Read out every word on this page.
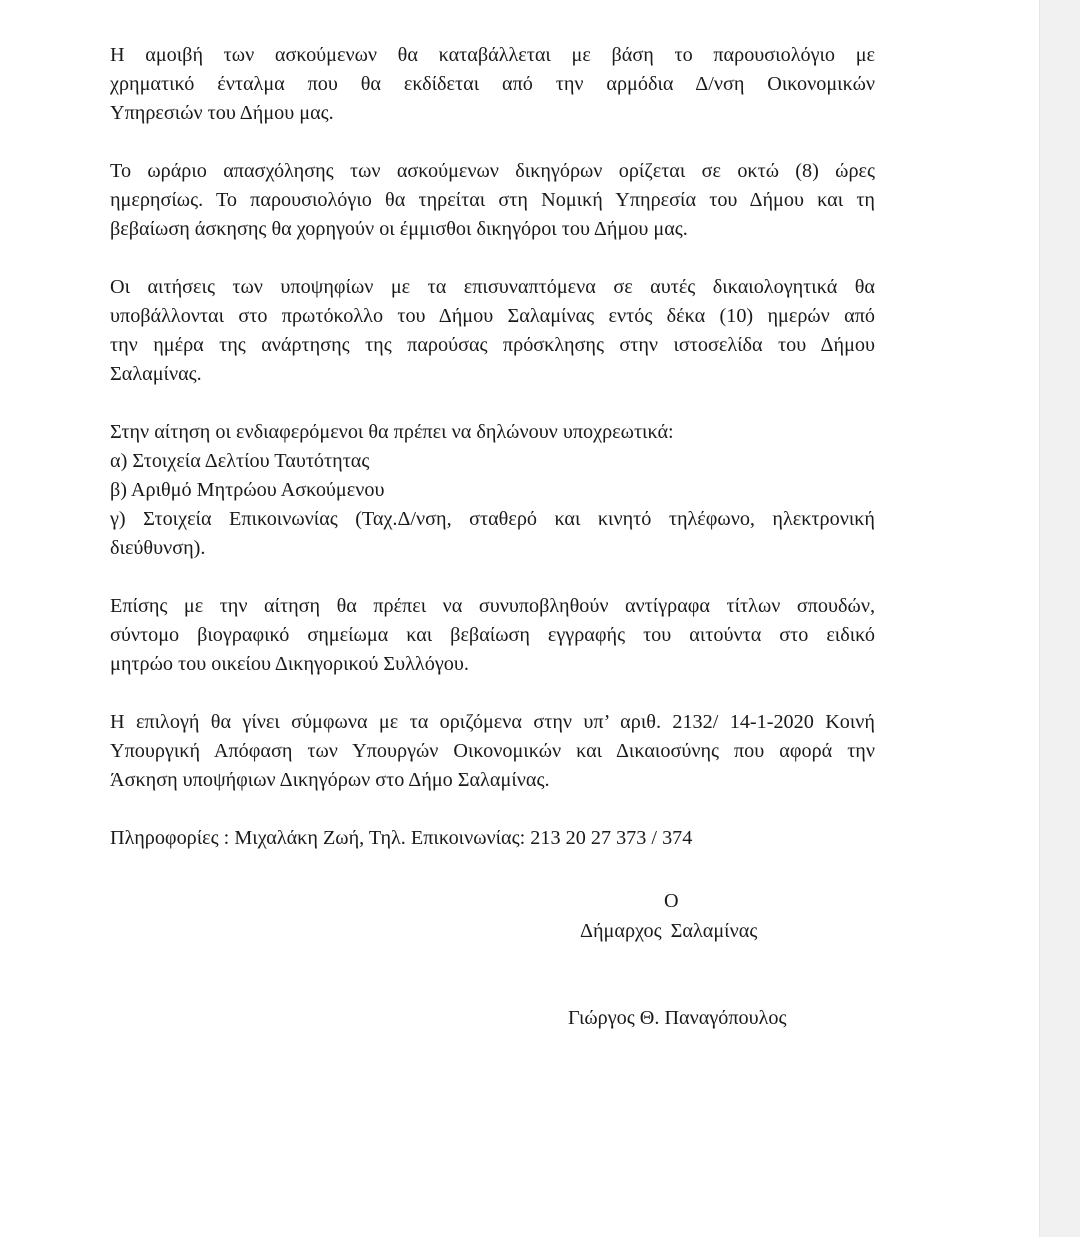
Η αμοιβή των ασκούμενων θα καταβάλλεται με βάση το παρουσιολόγιο με
χρηματικό ένταλμα που θα εκδίδεται από την αρμόδια Δ/νση Οικονομικών
Υπηρεσιών του Δήμου μας.
Το ωράριο απασχόλησης των ασκούμενων δικηγόρων ορίζεται σε οκτώ (8) ώρες
ημερησίως. Το παρουσιολόγιο θα τηρείται στη Νομική Υπηρεσία του Δήμου και τη
βεβαίωση άσκησης θα χορηγούν οι έμμισθοι δικηγόροι του Δήμου μας.
Οι αιτήσεις των υποψηφίων με τα επισυναπτόμενα σε αυτές δικαιολογητικά θα
υποβάλλονται στο πρωτόκολλο του Δήμου Σαλαμίνας εντός δέκα (10) ημερών από
την ημέρα της ανάρτησης της παρούσας πρόσκλησης στην ιστοσελίδα του Δήμου
Σαλαμίνας.
Στην αίτηση οι ενδιαφερόμενοι θα πρέπει να δηλώνουν υποχρεωτικά:
α) Στοιχεία Δελτίου Ταυτότητας
β) Αριθμό Μητρώου Ασκούμενου
γ) Στοιχεία Επικοινωνίας (Ταχ.Δ/νση, σταθερό και κινητό τηλέφωνο, ηλεκτρονική
διεύθυνση).
Επίσης με την αίτηση θα πρέπει να συνυποβληθούν αντίγραφα τίτλων σπουδών,
σύντομο βιογραφικό σημείωμα και βεβαίωση εγγραφής του αιτούντα στο ειδικό
μητρώο του οικείου Δικηγορικού Συλλόγου.
Η επιλογή θα γίνει σύμφωνα με τα οριζόμενα στην υπ’ αριθ. 2132/ 14-1-2020 Κοινή
Υπουργική Απόφαση των Υπουργών Οικονομικών και Δικαιοσύνης που αφορά την
Άσκηση υποψήφιων Δικηγόρων στο Δήμο Σαλαμίνας.
Πληροφορίες : Μιχαλάκη Ζωή, Τηλ. Επικοινωνίας: 213 20 27 373 / 374
Ο
Δήμαρχος Σαλαμίνας
Γιώργος Θ. Παναγόπουλος
